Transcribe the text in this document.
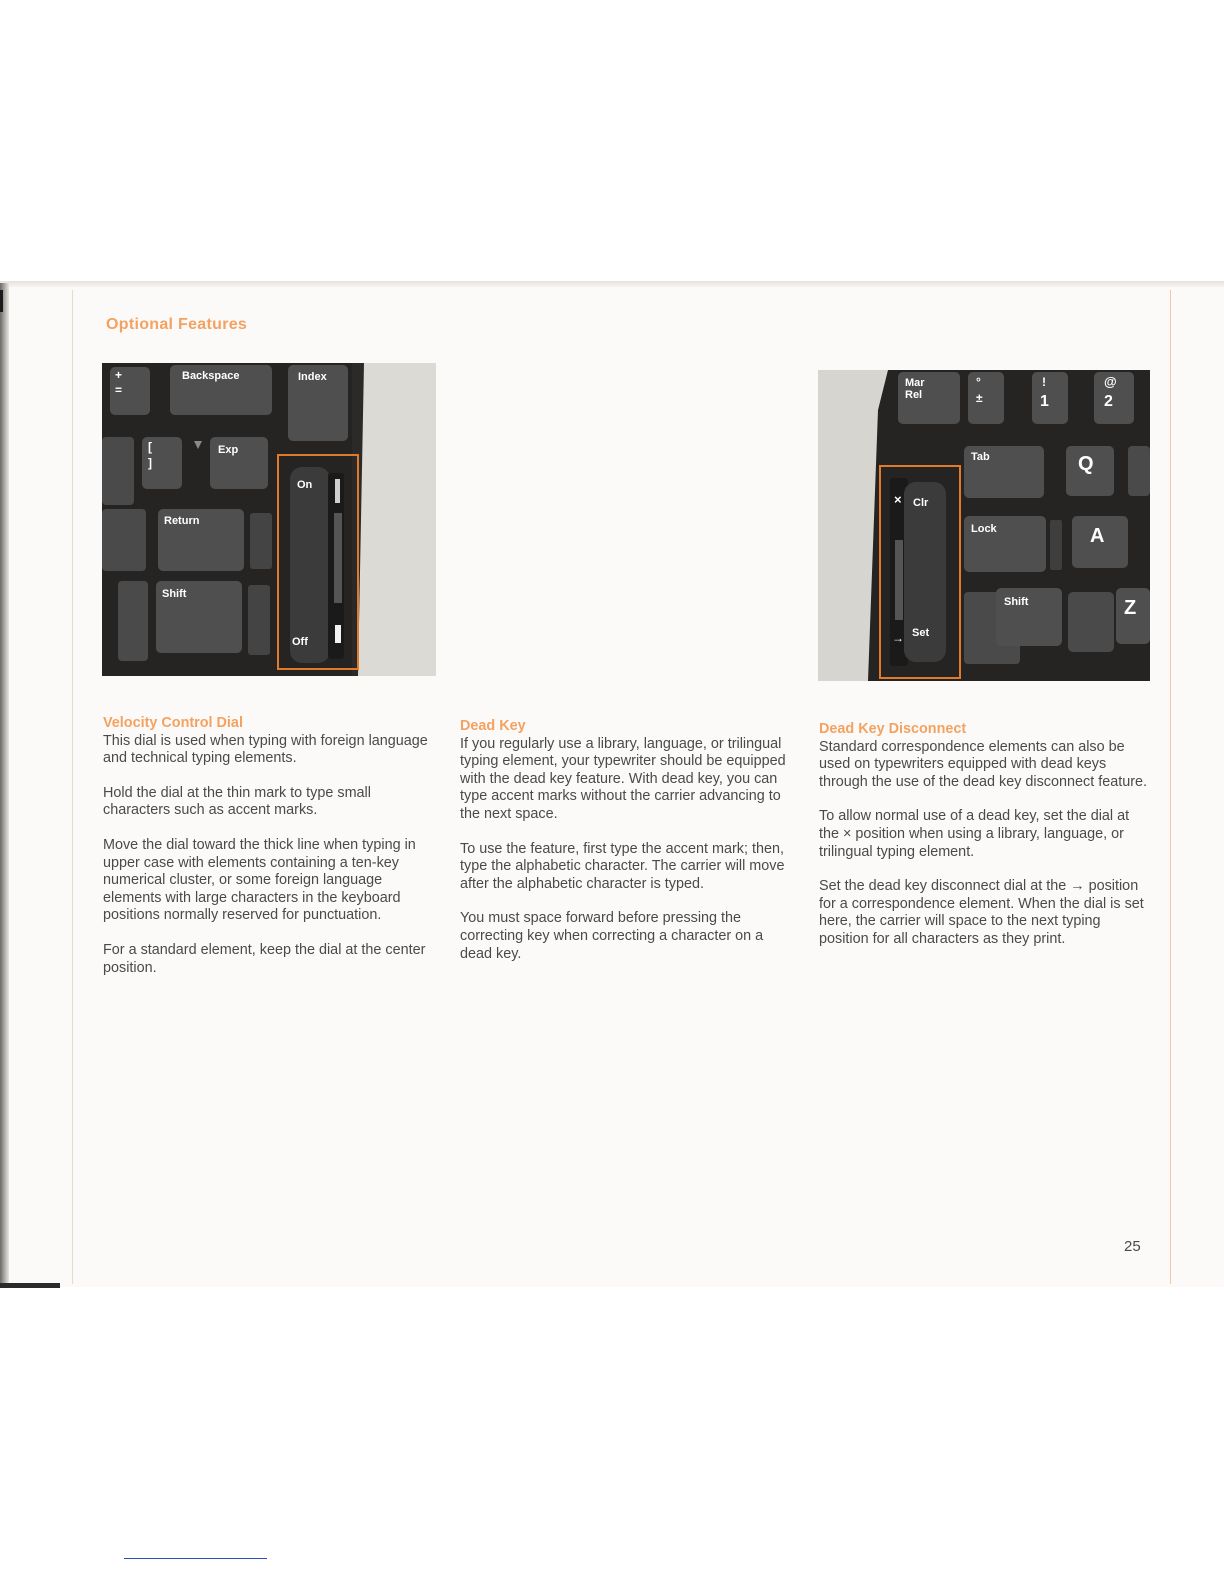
Optional Features
+
=
Backspace	Index
[
]
Exp
Return
Shift
On
Off
Mar
Rel
°
±
!
1
@
2
Tab	Q
Lock	A
Shift	Z
× Clr
→ Set
Velocity Control Dial

This dial is used when typing with foreign language and technical typing elements.

Hold the dial at the thin mark to type small characters such as accent marks.

Move the dial toward the thick line when typing in upper case with elements containing a ten-key numerical cluster, or some foreign language elements with large characters in the keyboard positions normally reserved for punctuation.

For a standard element, keep the dial at the center position.

Dead Key

If you regularly use a library, language, or trilingual typing element, your typewriter should be equipped with the dead key feature. With dead key, you can type accent marks without the carrier advancing to the next space.

To use the feature, first type the accent mark; then, type the alphabetic character. The carrier will move after the alphabetic character is typed.

You must space forward before pressing the correcting key when correcting a character on a dead key.

Dead Key Disconnect

Standard correspondence elements can also be used on typewriters equipped with dead keys through the use of the dead key disconnect feature.

To allow normal use of a dead key, set the dial at the × position when using a library, language, or trilingual typing element.

Set the dead key disconnect dial at the → position for a correspondence element. When the dial is set here, the carrier will space to the next typing position for all characters as they print.

25
